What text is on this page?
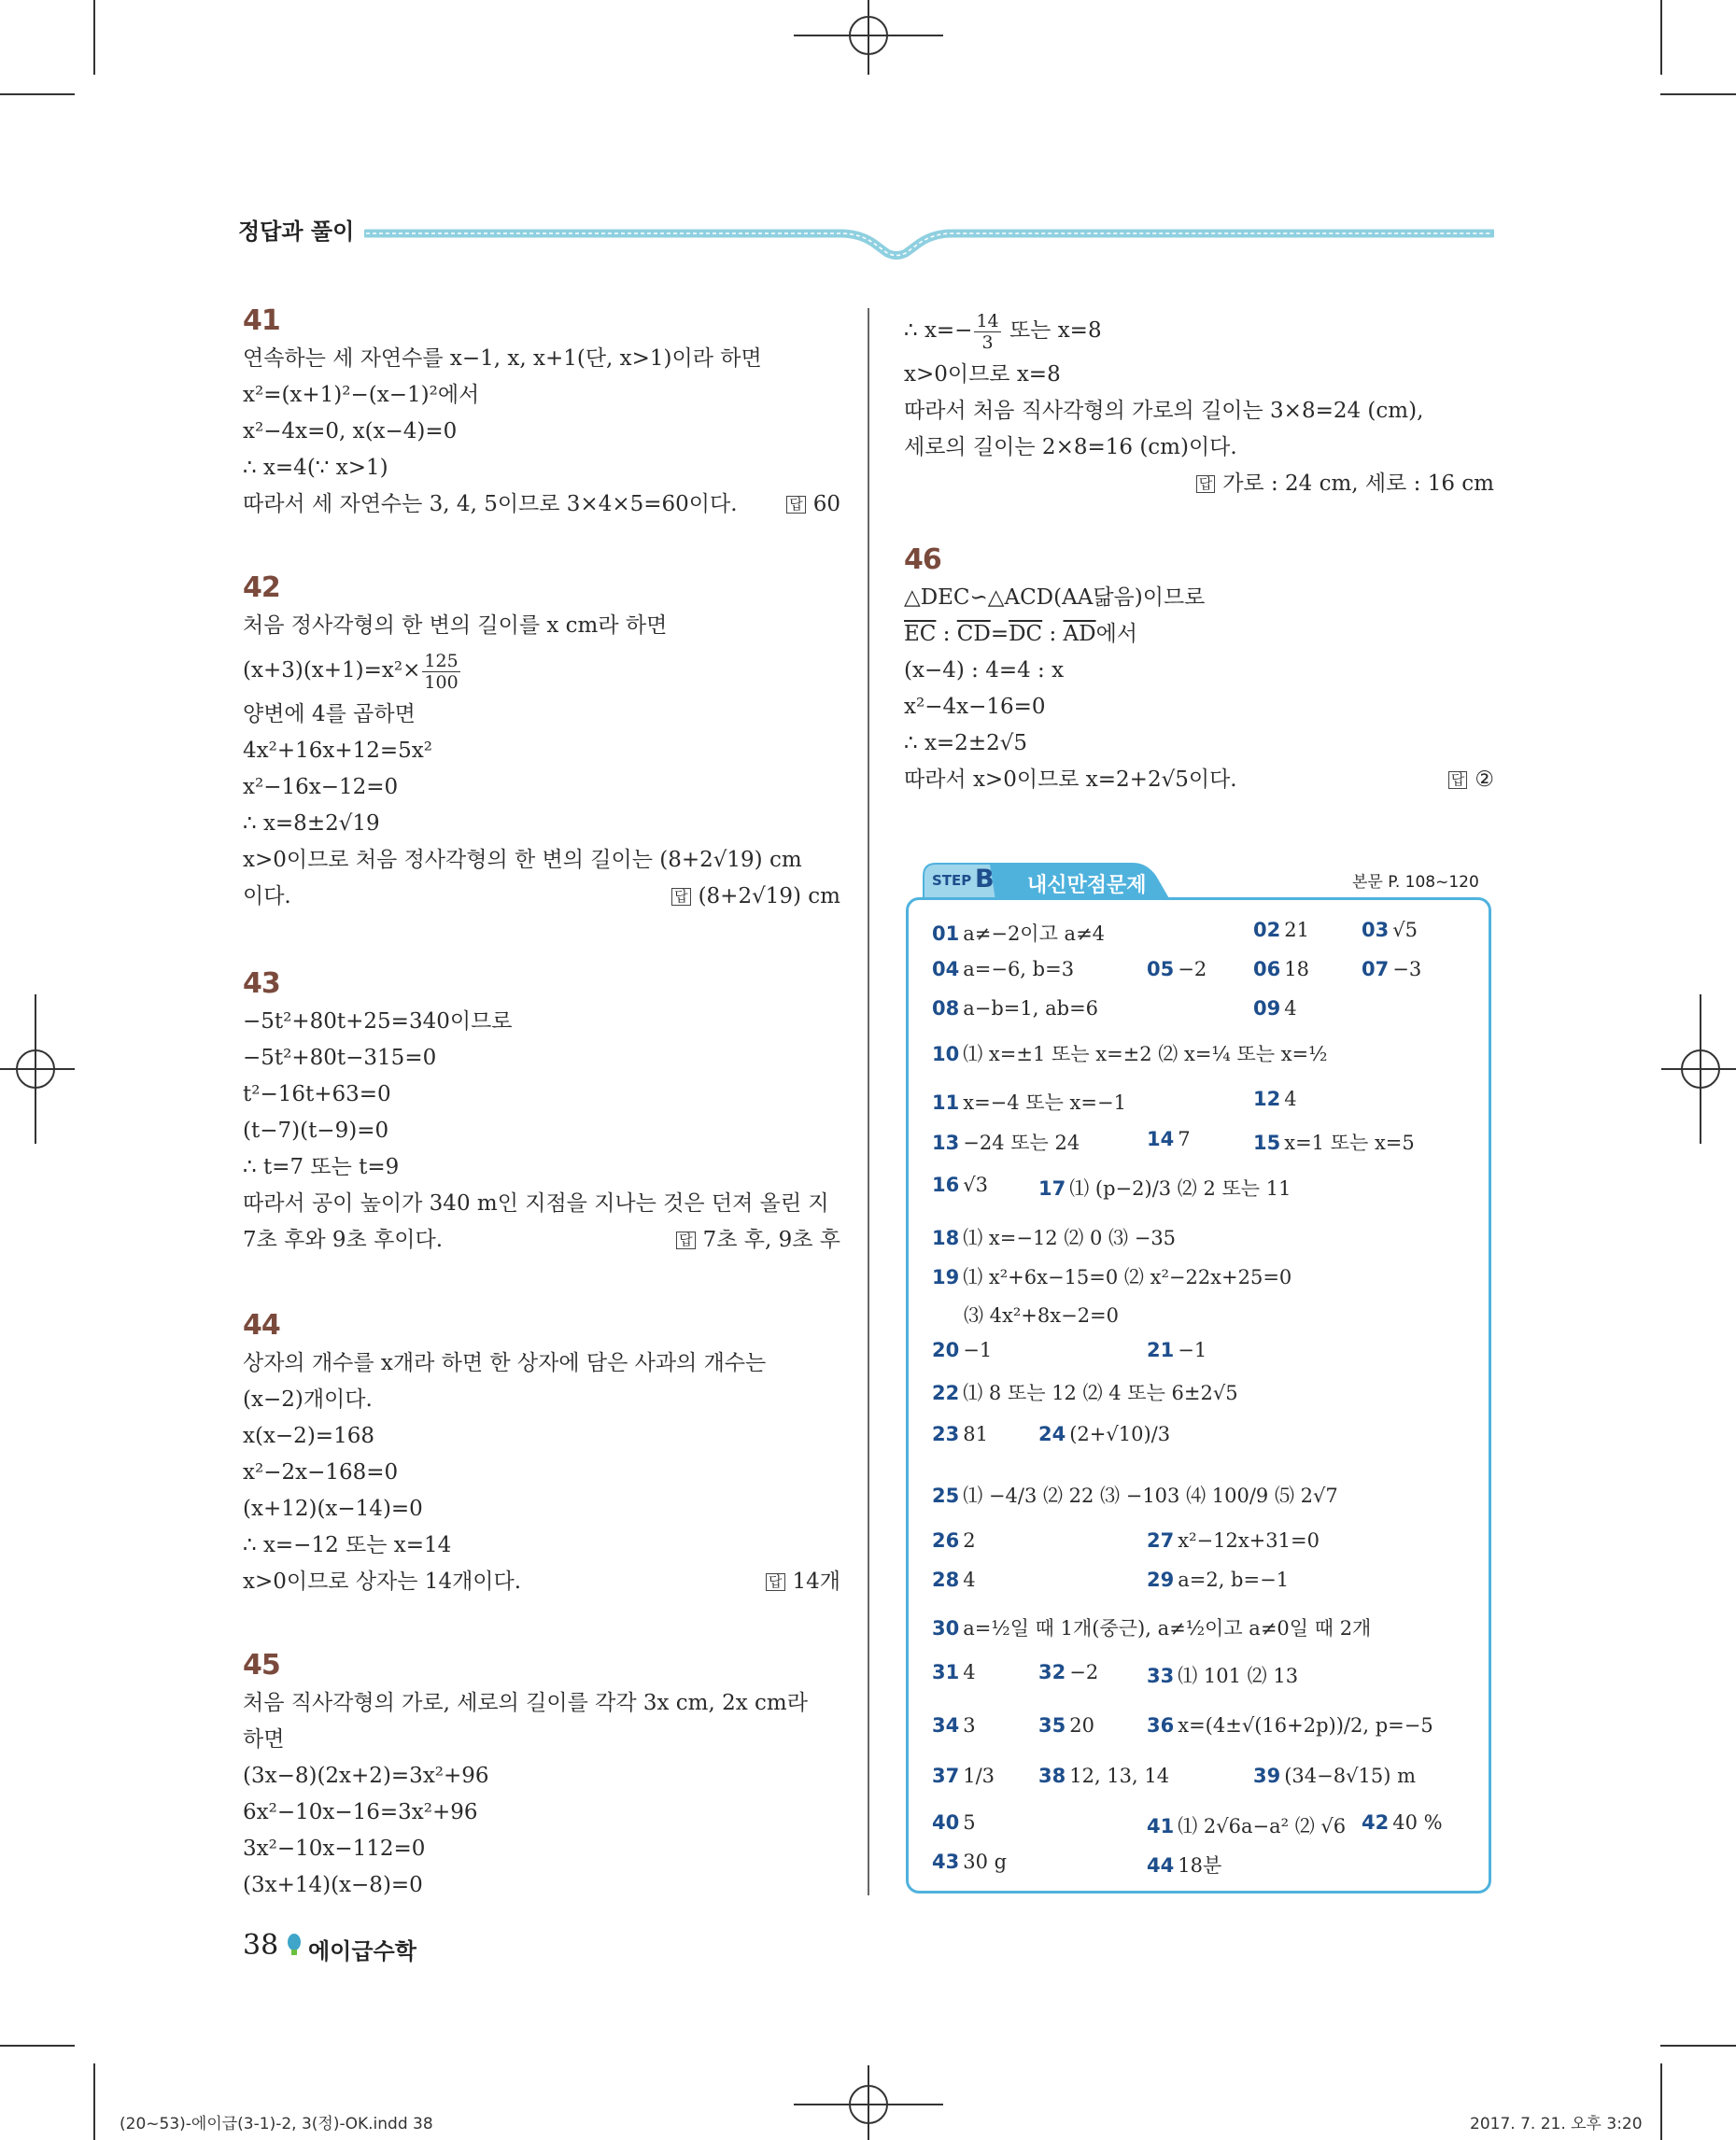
정답과 풀이
41
연속하는 세 자연수를 x−1, x, x+1(단, x>1)이라 하면
x²=(x+1)²−(x−1)²에서
x²−4x=0, x(x−4)=0
∴ x=4(∵ x>1)
따라서 세 자연수는 3, 4, 5이므로 3×4×5=60이다.	답 60
42
처음 정사각형의 한 변의 길이를 x cm라 하면
$(x+3)(x+1)=x^2\times \frac{125}{100}$
양변에 4를 곱하면
4x²+16x+12=5x²
x²−16x−12=0
∴ x=8±2√19
x>0이므로 처음 정사각형의 한 변의 길이는 (8+2√19) cm
이다.	답 (8+2√19) cm
43
−5t²+80t+25=340이므로
−5t²+80t−315=0
t²−16t+63=0
(t−7)(t−9)=0
∴ t=7 또는 t=9
따라서 공이 높이가 340 m인 지점을 지나는 것은 던져 올린 지
7초 후와 9초 후이다.	답 7초 후, 9초 후
44
상자의 개수를 x개라 하면 한 상자에 담은 사과의 개수는
(x−2)개이다.
x(x−2)=168
x²−2x−168=0
(x+12)(x−14)=0
∴ x=−12 또는 x=14
x>0이므로 상자는 14개이다.	답 14개
45
처음 직사각형의 가로, 세로의 길이를 각각 3x cm, 2x cm라
하면
(3x−8)(2x+2)=3x²+96
6x²−10x−16=3x²+96
3x²−10x−112=0
(3x+14)(x−8)=0
∴ $x=- \frac{14}{3}$ 또는 x=8
x>0이므로 x=8
따라서 처음 직사각형의 가로의 길이는 3×8=24 (cm),
세로의 길이는 2×8=16 (cm)이다.
답 가로 : 24 cm, 세로 : 16 cm
46
△DEC∽△ACD(AA닮음)이므로
$\overline{EC}$ : $\overline{CD}=\overline{DC}$ : $\overline{AD}$에서
(x−4) : 4=4 : x
x²−4x−16=0
∴ x=2±2√5
따라서 x>0이므로 x=2+2√5이다.	답 ②
STEP B 내신만점문제	본문 P. 108~120
01 a≠−2이고 a≠4	02 21	03 √5
04 a=−6, b=3	05 −2 06 18	07 −3
08 a−b=1, ab=6	09 4
10 ⑴ x=±1 또는 x=±2 ⑵ x=¼ 또는 x=½
11 x=−4 또는 x=−1	12 4
13 −24 또는 24	14 7	15 x=1 또는 x=5
16 √3	17 ⑴ (p−2)/3 ⑵ 2 또는 11
18 ⑴ x=−12 ⑵ 0 ⑶ −35
19 ⑴ x²+6x−15=0 ⑵ x²−22x+25=0
⑶ 4x²+8x−2=0
20 −1	21 −1
22 ⑴ 8 또는 12 ⑵ 4 또는 6±2√5
23 81	24 (2+√10)/3
25 ⑴ −4/3 ⑵ 22 ⑶ −103 ⑷ 100/9 ⑸ 2√7
26 2	27 x²−12x+31=0
28 4	29 a=2, b=−1
30 a=½일 때 1개(중근), a≠½이고 a≠0일 때 2개
31 4	32 −2 33 ⑴ 101 ⑵ 13
34 3	35 20	36 x=(4±√(16+2p))/2, p=−5
37 1/3 38 12, 13, 14	39 (34−8√15) m
40 5	41 ⑴ 2√6a−a² ⑵ √6 42 40 %
43 30 g	44 18분
38 에이급수학
(20~53)-에이급(3-1)-2, 3(정)-OK.indd 38	2017. 7. 21. 오후 3:20
